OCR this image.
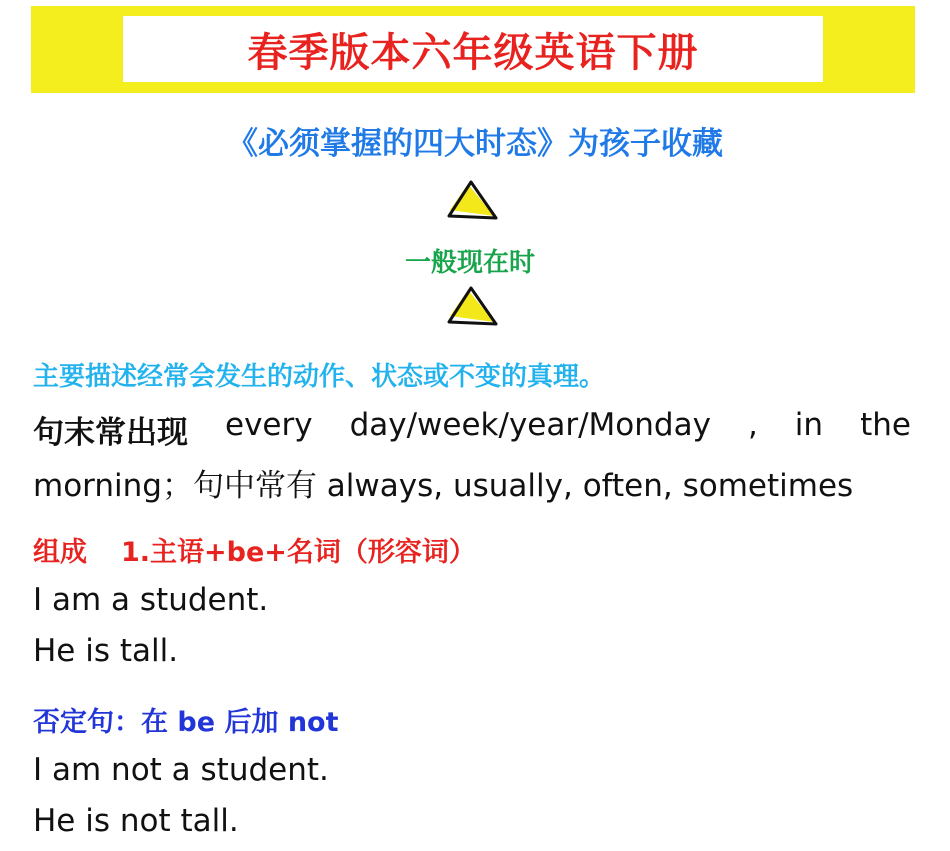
春季版本六年级英语下册
《必须掌握的四大时态》为孩子收藏
一般现在时
主要描述经常会发生的动作、状态或不变的真理。
句末常出现 every day/week/year/Monday , in the
morning；句中常有 always, usually, often, sometimes
组成 1.主语+be+名词（形容词）
I am a student.
He is tall.
否定句：在 be 后加 not
I am not a student.
He is not tall.
